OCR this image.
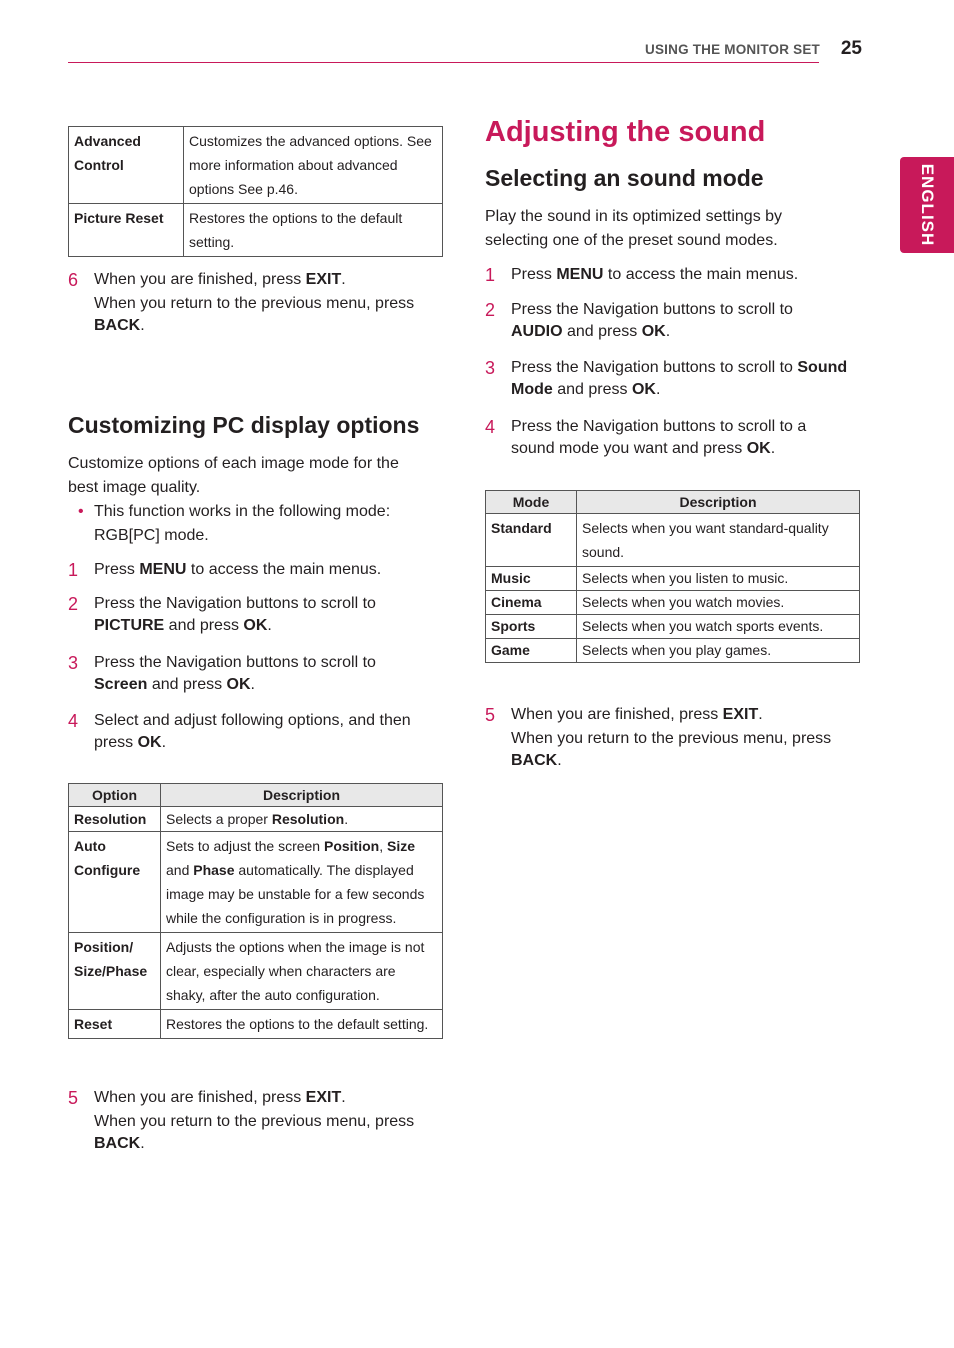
USING THE MONITOR SET	25
ENGLISH
Advanced Control	Customizes the advanced options. See more information about advanced options See p.46.
Picture Reset	Restores the options to the default setting.
6 When you are finished, press EXIT.
When you return to the previous menu, press BACK.
Customizing PC display options
Customize options of each image mode for the best image quality.
• This function works in the following mode: RGB[PC] mode.
1 Press MENU to access the main menus.
2 Press the Navigation buttons to scroll to PICTURE and press OK.
3 Press the Navigation buttons to scroll to Screen and press OK.
4 Select and adjust following options, and then press OK.
Option	Description
Resolution	Selects a proper Resolution.
Auto Configure	Sets to adjust the screen Position, Size and Phase automatically. The displayed image may be unstable for a few seconds while the configuration is in progress.
Position/ Size/Phase	Adjusts the options when the image is not clear, especially when characters are shaky, after the auto configuration.
Reset	Restores the options to the default setting.
5 When you are finished, press EXIT.
When you return to the previous menu, press BACK.
Adjusting the sound
Selecting an sound mode
Play the sound in its optimized settings by selecting one of the preset sound modes.
1 Press MENU to access the main menus.
2 Press the Navigation buttons to scroll to AUDIO and press OK.
3 Press the Navigation buttons to scroll to Sound Mode and press OK.
4 Press the Navigation buttons to scroll to a sound mode you want and press OK.
Mode	Description
Standard	Selects when you want standard-quality sound.
Music	Selects when you listen to music.
Cinema	Selects when you watch movies.
Sports	Selects when you watch sports events.
Game	Selects when you play games.
5 When you are finished, press EXIT.
When you return to the previous menu, press BACK.
